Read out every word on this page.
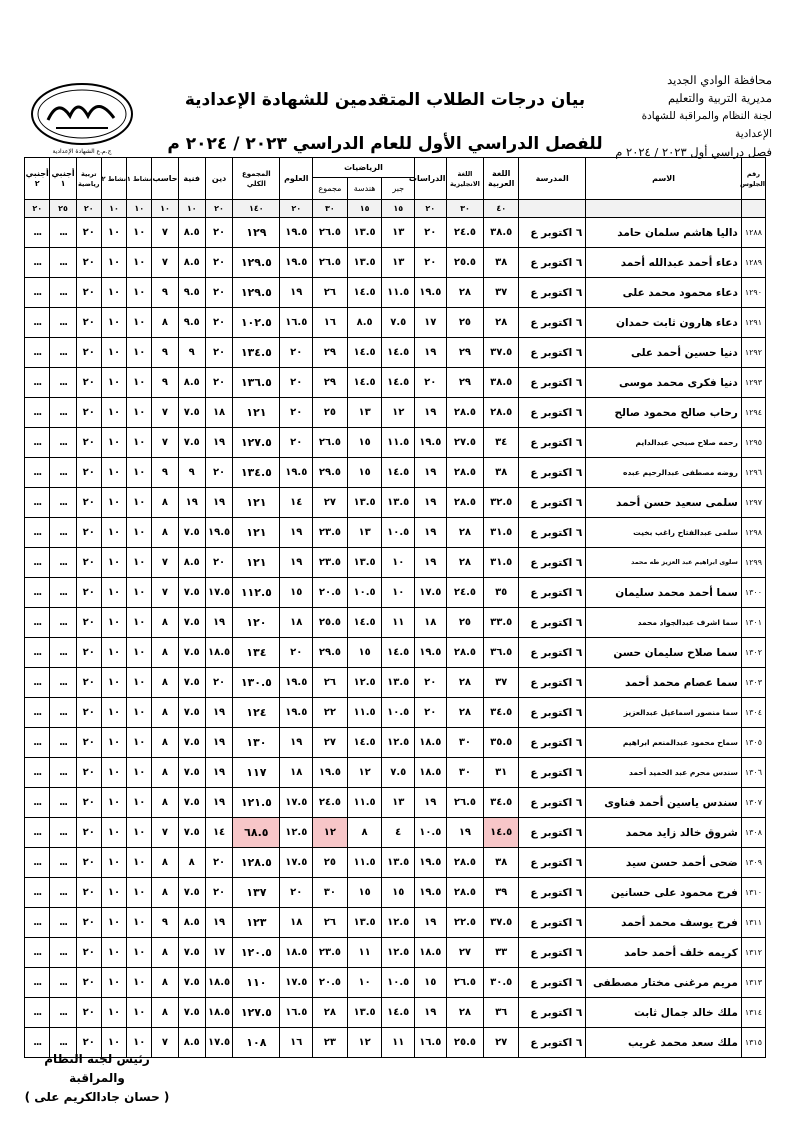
ج.م.ع الشهادة الإعدادية
محافظة الوادي الجديد
مديرية التربية والتعليم
لجنة النظام والمراقبة للشهادة الإعدادية
فصل دراسي أول ٢٠٢٣ / ٢٠٢٤ م
بيان درجات الطلاب المتقدمين للشهادة الإعدادية
للفصل الدراسي الأول للعام الدراسي ٢٠٢٣ / ٢٠٢٤ م
رقم الجلوس	الاسم	المدرسة	اللغة العربية	اللغة الانجليزية	الدراسات	الرياضيات			العلوم	المجموع الكلي	دين	فنية	حاسب	نشاط ١	نشاط ٢	تربية رياضية	أجنبي ١	أجنبي ٢
						جبر	هندسة	مجموع										
			٤٠	٣٠	٢٠	١٥	١٥	٣٠	٢٠	١٤٠	٢٠	١٠	١٠	١٠	١٠	٢٠	٢٥	٢٠
١٢٨٨	داليا هاشم سلمان حامد	٦ اكتوبر ع	٣٨.٥	٢٤.٥	٢٠	١٣	١٣.٥	٢٦.٥	١٩.٥	١٢٩	٢٠	٨.٥	٧	١٠	١٠	٢٠	...	...
١٢٨٩	دعاء أحمد عبدالله أحمد	٦ اكتوبر ع	٣٨	٢٥.٥	٢٠	١٣	١٣.٥	٢٦.٥	١٩.٥	١٢٩.٥	٢٠	٨.٥	٧	١٠	١٠	٢٠	...	...
١٢٩٠	دعاء محمود محمد على	٦ اكتوبر ع	٣٧	٢٨	١٩.٥	١١.٥	١٤.٥	٢٦	١٩	١٢٩.٥	٢٠	٩.٥	٩	١٠	١٠	٢٠	...	...
١٢٩١	دعاء هارون ثابت حمدان	٦ اكتوبر ع	٢٨	٢٥	١٧	٧.٥	٨.٥	١٦	١٦.٥	١٠٢.٥	٢٠	٩.٥	٨	١٠	١٠	٢٠	...	...
١٢٩٢	دنيا حسين أحمد على	٦ اكتوبر ع	٣٧.٥	٢٩	١٩	١٤.٥	١٤.٥	٢٩	٢٠	١٣٤.٥	٢٠	٩	٩	١٠	١٠	٢٠	...	...
١٢٩٣	دنيا فكرى محمد موسى	٦ اكتوبر ع	٣٨.٥	٢٩	٢٠	١٤.٥	١٤.٥	٢٩	٢٠	١٣٦.٥	٢٠	٨.٥	٩	١٠	١٠	٢٠	...	...
١٢٩٤	رحاب صالح محمود صالح	٦ اكتوبر ع	٢٨.٥	٢٨.٥	١٩	١٢	١٣	٢٥	٢٠	١٢١	١٨	٧.٥	٧	١٠	١٠	٢٠	...	...
١٢٩٥	رحمه صلاح صبحي عبدالدايم	٦ اكتوبر ع	٣٤	٢٧.٥	١٩.٥	١١.٥	١٥	٢٦.٥	٢٠	١٢٧.٥	١٩	٧.٥	٧	١٠	١٠	٢٠	...	...
١٢٩٦	روضه مصطفى عبدالرحيم عبده	٦ اكتوبر ع	٣٨	٢٨.٥	١٩	١٤.٥	١٥	٢٩.٥	١٩.٥	١٣٤.٥	٢٠	٩	٩	١٠	١٠	٢٠	...	...
١٢٩٧	سلمى سعيد حسن أحمد	٦ اكتوبر ع	٣٢.٥	٢٨.٥	١٩	١٣.٥	١٣.٥	٢٧	١٤	١٢١	١٩	١٩	٨	١٠	١٠	٢٠	...	...
١٢٩٨	سلمى عبدالفتاح راغب بخيت	٦ اكتوبر ع	٣١.٥	٢٨	١٩	١٠.٥	١٣	٢٣.٥	١٩	١٢١	١٩.٥	٧.٥	٨	١٠	١٠	٢٠	...	...
١٢٩٩	سلوى ابراهيم عبد العزيز طه محمد	٦ اكتوبر ع	٣١.٥	٢٨	١٩	١٠	١٣.٥	٢٣.٥	١٩	١٢١	٢٠	٨.٥	٧	١٠	١٠	٢٠	...	...
١٣٠٠	سما أحمد محمد سليمان	٦ اكتوبر ع	٣٥	٢٤.٥	١٧.٥	١٠	١٠.٥	٢٠.٥	١٥	١١٢.٥	١٧.٥	٧.٥	٧	١٠	١٠	٢٠	...	...
١٣٠١	سما اشرف عبدالجواد محمد	٦ اكتوبر ع	٣٣.٥	٢٥	١٨	١١	١٤.٥	٢٥.٥	١٨	١٢٠	١٩	٧.٥	٨	١٠	١٠	٢٠	...	...
١٣٠٢	سما صلاح سليمان حسن	٦ اكتوبر ع	٣٦.٥	٢٨.٥	١٩.٥	١٤.٥	١٥	٢٩.٥	٢٠	١٣٤	١٨.٥	٧.٥	٨	١٠	١٠	٢٠	...	...
١٣٠٣	سما عصام محمد أحمد	٦ اكتوبر ع	٣٧	٢٨	٢٠	١٣.٥	١٢.٥	٢٦	١٩.٥	١٣٠.٥	٢٠	٧.٥	٨	١٠	١٠	٢٠	...	...
١٣٠٤	سما منصور اسماعيل عبدالعزيز	٦ اكتوبر ع	٣٤.٥	٢٨	٢٠	١٠.٥	١١.٥	٢٢	١٩.٥	١٢٤	١٩	٧.٥	٨	١٠	١٠	٢٠	...	...
١٣٠٥	سماح محمود عبدالمنعم ابراهيم	٦ اكتوبر ع	٣٥.٥	٣٠	١٨.٥	١٢.٥	١٤.٥	٢٧	١٩	١٣٠	١٩	٧.٥	٨	١٠	١٠	٢٠	...	...
١٣٠٦	سندس محرم عبد الحميد أحمد	٦ اكتوبر ع	٣١	٣٠	١٨.٥	٧.٥	١٢	١٩.٥	١٨	١١٧	١٩	٧.٥	٨	١٠	١٠	٢٠	...	...
١٣٠٧	سندس ياسين أحمد فناوى	٦ اكتوبر ع	٣٤.٥	٢٦.٥	١٩	١٣	١١.٥	٢٤.٥	١٧.٥	١٢١.٥	١٩	٧.٥	٨	١٠	١٠	٢٠	...	...
١٣٠٨	شروق خالد زايد محمد	٦ اكتوبر ع	١٤.٥	١٩	١٠.٥	٤	٨	١٢	١٢.٥	٦٨.٥	١٤	٧.٥	٧	١٠	١٠	٢٠	...	...
١٣٠٩	ضحى أحمد حسن سيد	٦ اكتوبر ع	٣٨	٢٨.٥	١٩.٥	١٣.٥	١١.٥	٢٥	١٧.٥	١٢٨.٥	٢٠	٨	٨	١٠	١٠	٢٠	...	...
١٣١٠	فرح محمود على حسانين	٦ اكتوبر ع	٣٩	٢٨.٥	١٩.٥	١٥	١٥	٣٠	٢٠	١٣٧	٢٠	٧.٥	٨	١٠	١٠	٢٠	...	...
١٣١١	فرح يوسف محمد أحمد	٦ اكتوبر ع	٣٧.٥	٢٢.٥	١٩	١٢.٥	١٣.٥	٢٦	١٨	١٢٣	١٩	٨.٥	٩	١٠	١٠	٢٠	...	...
١٣١٢	كريمه خلف أحمد حامد	٦ اكتوبر ع	٣٣	٢٧	١٨.٥	١٢.٥	١١	٢٣.٥	١٨.٥	١٢٠.٥	١٧	٧.٥	٨	١٠	١٠	٢٠	...	...
١٣١٣	مريم مرغنى مختار مصطفى	٦ اكتوبر ع	٣٠.٥	٢٦.٥	١٥	١٠.٥	١٠	٢٠.٥	١٧.٥	١١٠	١٨.٥	٧.٥	٨	١٠	١٠	٢٠	...	...
١٣١٤	ملك خالد جمال ثابت	٦ اكتوبر ع	٣٦	٢٨	١٩	١٤.٥	١٣.٥	٢٨	١٦.٥	١٢٧.٥	١٨.٥	٧.٥	٨	١٠	١٠	٢٠	...	...
١٣١٥	ملك سعد محمد غريب	٦ اكتوبر ع	٢٧	٢٥.٥	١٦.٥	١١	١٢	٢٣	١٦	١٠٨	١٧.٥	٨.٥	٧	١٠	١٠	٢٠	...	...
رئيس لجنة النظام والمراقبة
( حسان جادالكريم على )
